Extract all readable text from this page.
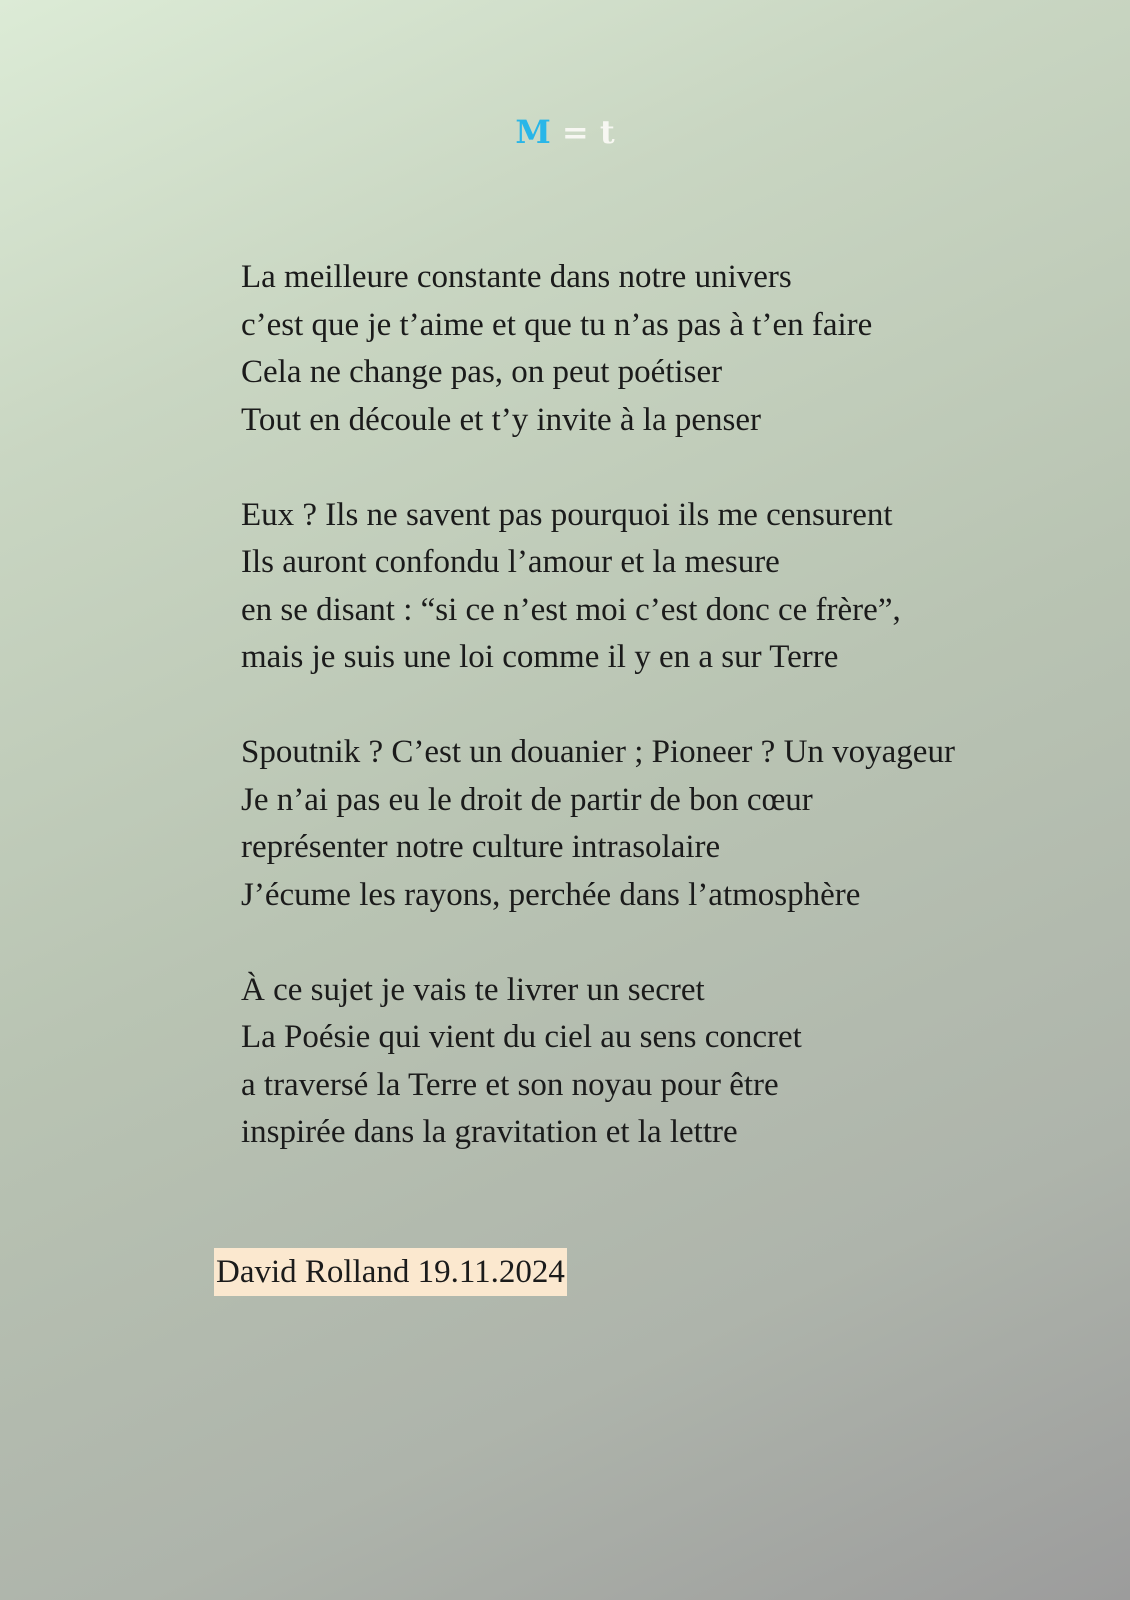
M = t
La meilleure constante dans notre univers
c’est que je t’aime et que tu n’as pas à t’en faire
Cela ne change pas, on peut poétiser
Tout en découle et t’y invite à la penser
Eux ? Ils ne savent pas pourquoi ils me censurent
Ils auront confondu l’amour et la mesure
en se disant : “si ce n’est moi c’est donc ce frère”,
mais je suis une loi comme il y en a sur Terre
Spoutnik ? C’est un douanier ; Pioneer ? Un voyageur
Je n’ai pas eu le droit de partir de bon cœur
représenter notre culture intrasolaire
J’écume les rayons, perchée dans l’atmosphère
À ce sujet je vais te livrer un secret
La Poésie qui vient du ciel au sens concret
a traversé la Terre et son noyau pour être
inspirée dans la gravitation et la lettre
David Rolland 19.11.2024
